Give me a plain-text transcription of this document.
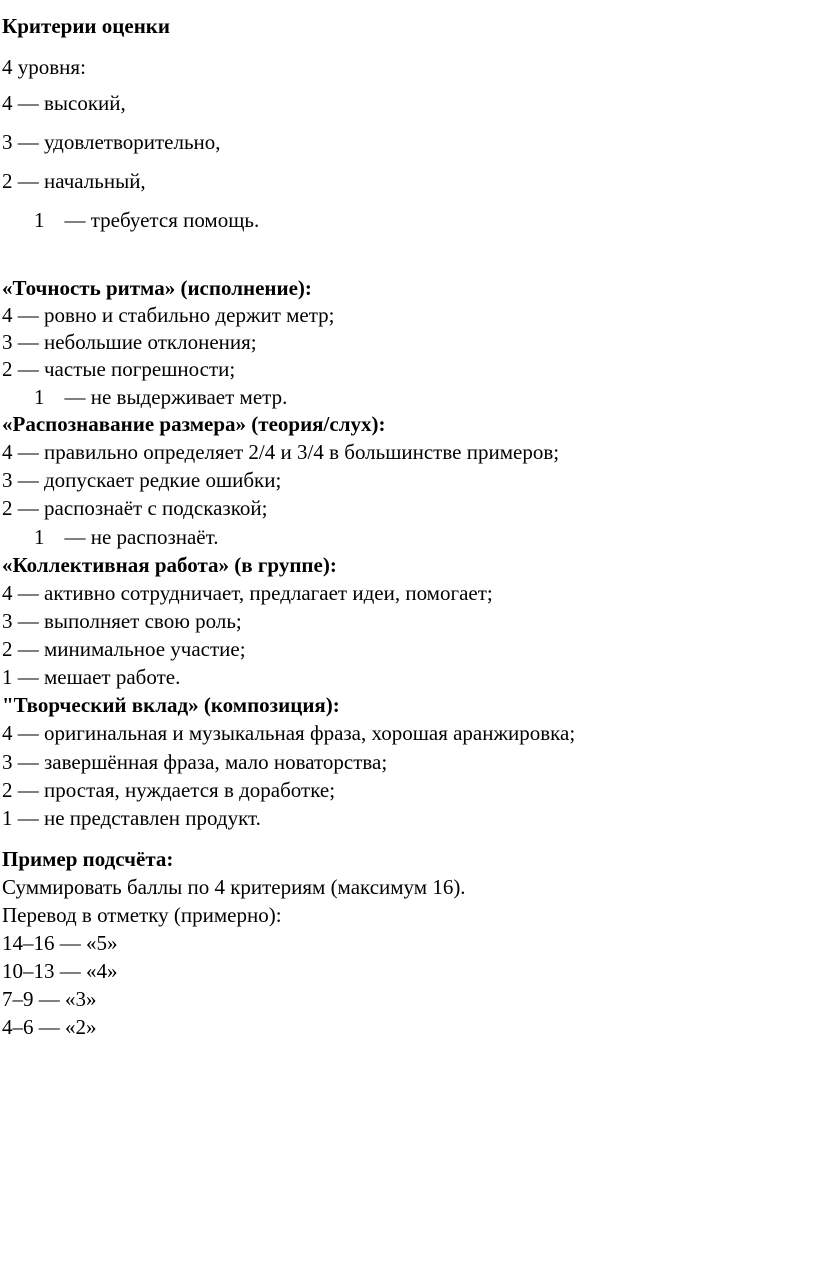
Критерии оценки

4 уровня:

4 — высокий,

3 — удовлетворительно,

2 — начальный,

1 — требуется помощь.

«Точность ритма» (исполнение):

4 — ровно и стабильно держит метр;

3 — небольшие отклонения;

2 — частые погрешности;

1 — не выдерживает метр.

«Распознавание размера» (теория/слух):

4 — правильно определяет 2/4 и 3/4 в большинстве примеров;

3 — допускает редкие ошибки;

2 — распознаёт с подсказкой;

1 — не распознаёт.

«Коллективная работа» (в группе):

4 — активно сотрудничает, предлагает идеи, помогает;

3 — выполняет свою роль;

2 — минимальное участие;

1 — мешает работе.

"Творческий вклад» (композиция):

4 — оригинальная и музыкальная фраза, хорошая аранжировка;

3 — завершённая фраза, мало новаторства;

2 — простая, нуждается в доработке;

1 — не представлен продукт.

Пример подсчёта:

Суммировать баллы по 4 критериям (максимум 16).

Перевод в отметку (примерно):

14–16 — «5»

10–13 — «4»

7–9 — «3»

4–6 — «2»
